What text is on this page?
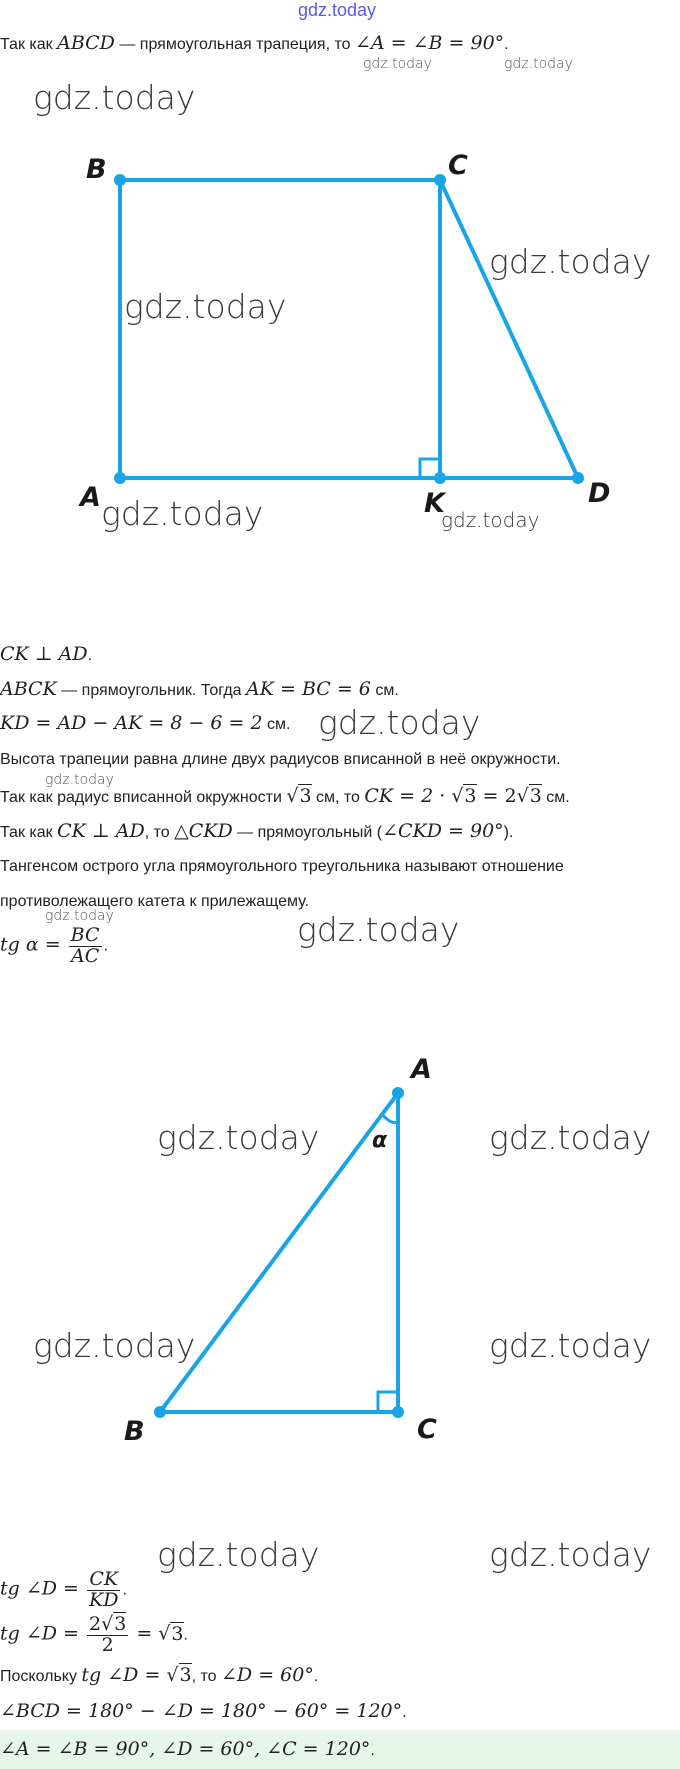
gdz.today
Так как ABCD — прямоугольная трапеция, то ∠A = ∠B = 90°.
gdz.today	gdz.today
B	C
A	K	D
gdz.today
gdz.today
gdz.today
gdz.today	gdz.today
CK ⊥ AD.
ABCK — прямоугольник. Тогда AK = BC = 6 см.
KD = AD − AK = 8 − 6 = 2 см. gdz.today
Высота трапеции равна длине двух радиусов вписанной в неё окружности.
gdz.today
Так как радиус вписанной окружности √3 см, то CK = 2 · √3 = 2√3 см.
Так как CK ⊥ AD, то △CKD — прямоугольный (∠CKD = 90°).
Тангенсом острого угла прямоугольного треугольника называют отношение
противолежащего катета к прилежащему.
gdz.today
tg $\alpha = \frac{BC}{AC}$ .	gdz.today
A
B	C
α
gdz.today	gdz.today
gdz.today	gdz.today
gdz.today	gdz.today
tg ∠D = $\frac{CK}{KD}$ .
tg ∠D = $\frac{2√3}{2} = √3$.
Поскольку tg ∠D = √3, то ∠D = 60°.
∠BCD = 180° − ∠D = 180° − 60° = 120°.
∠A = ∠B = 90°, ∠D = 60°, ∠C = 120°.
